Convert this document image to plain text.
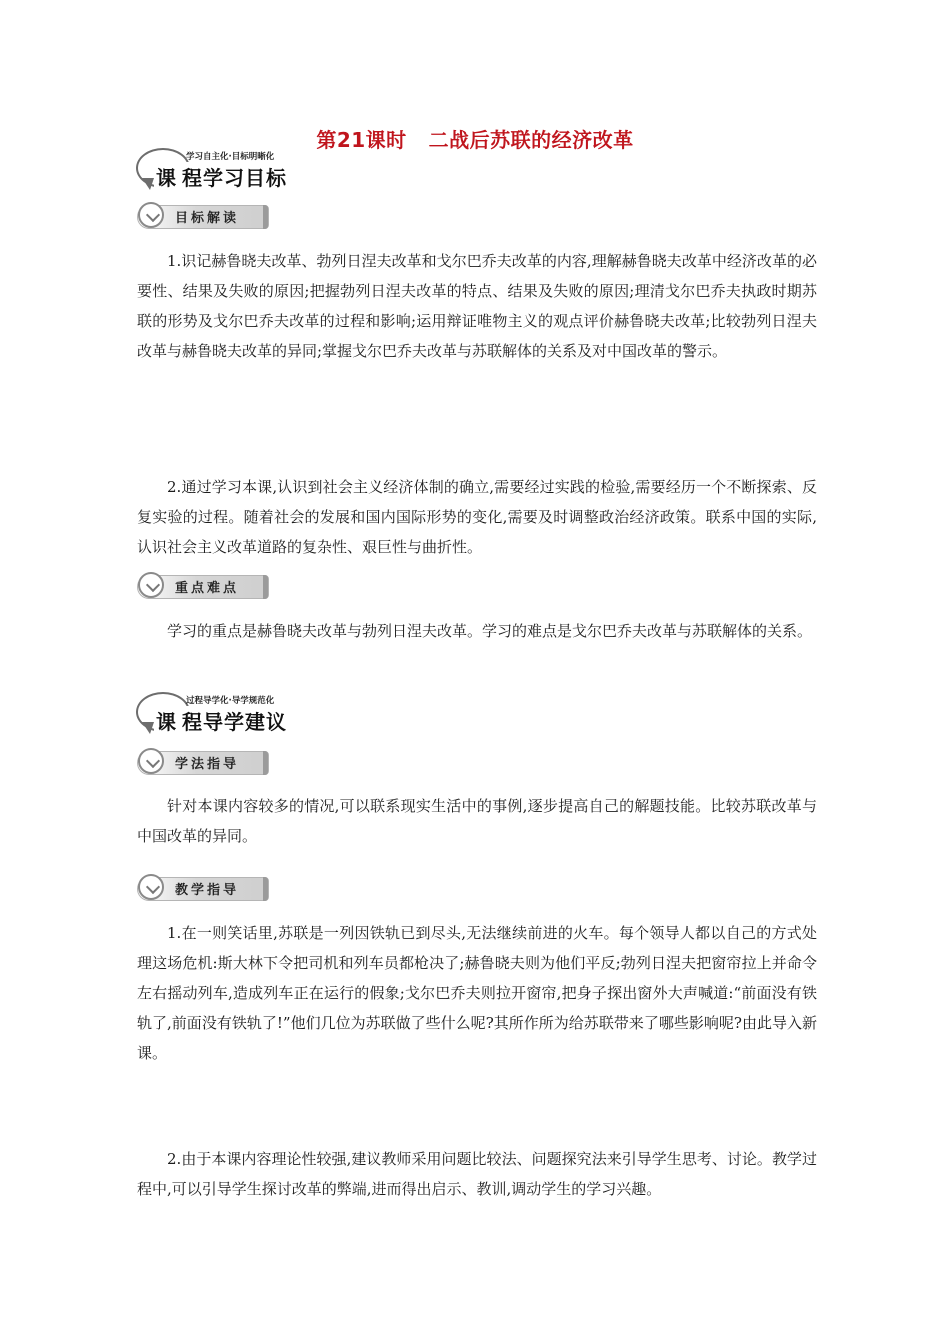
第21课时 二战后苏联的经济改革
学习自主化·目标明晰化
课程学习目标
目标解读

1.识记赫鲁晓夫改革、勃列日涅夫改革和戈尔巴乔夫改革的内容,理解赫鲁晓夫改革中经济改革的必要性、结果及失败的原因;把握勃列日涅夫改革的特点、结果及失败的原因;理清戈尔巴乔夫执政时期苏联的形势及戈尔巴乔夫改革的过程和影响;运用辩证唯物主义的观点评价赫鲁晓夫改革;比较勃列日涅夫改革与赫鲁晓夫改革的异同;掌握戈尔巴乔夫改革与苏联解体的关系及对中国改革的警示。

2.通过学习本课,认识到社会主义经济体制的确立,需要经过实践的检验,需要经历一个不断探索、反复实验的过程。随着社会的发展和国内国际形势的变化,需要及时调整政治经济政策。联系中国的实际,认识社会主义改革道路的复杂性、艰巨性与曲折性。

重点难点

学习的重点是赫鲁晓夫改革与勃列日涅夫改革。学习的难点是戈尔巴乔夫改革与苏联解体的关系。

过程导学化·导学规范化
课程导学建议
学法指导

针对本课内容较多的情况,可以联系现实生活中的事例,逐步提高自己的解题技能。比较苏联改革与中国改革的异同。

教学指导

1.在一则笑话里,苏联是一列因铁轨已到尽头,无法继续前进的火车。每个领导人都以自己的方式处理这场危机:斯大林下令把司机和列车员都枪决了;赫鲁晓夫则为他们平反;勃列日涅夫把窗帘拉上并命令左右摇动列车,造成列车正在运行的假象;戈尔巴乔夫则拉开窗帘,把身子探出窗外大声喊道:“前面没有铁轨了,前面没有铁轨了!”他们几位为苏联做了些什么呢?其所作所为给苏联带来了哪些影响呢?由此导入新课。

2.由于本课内容理论性较强,建议教师采用问题比较法、问题探究法来引导学生思考、讨论。教学过程中,可以引导学生探讨改革的弊端,进而得出启示、教训,调动学生的学习兴趣。
